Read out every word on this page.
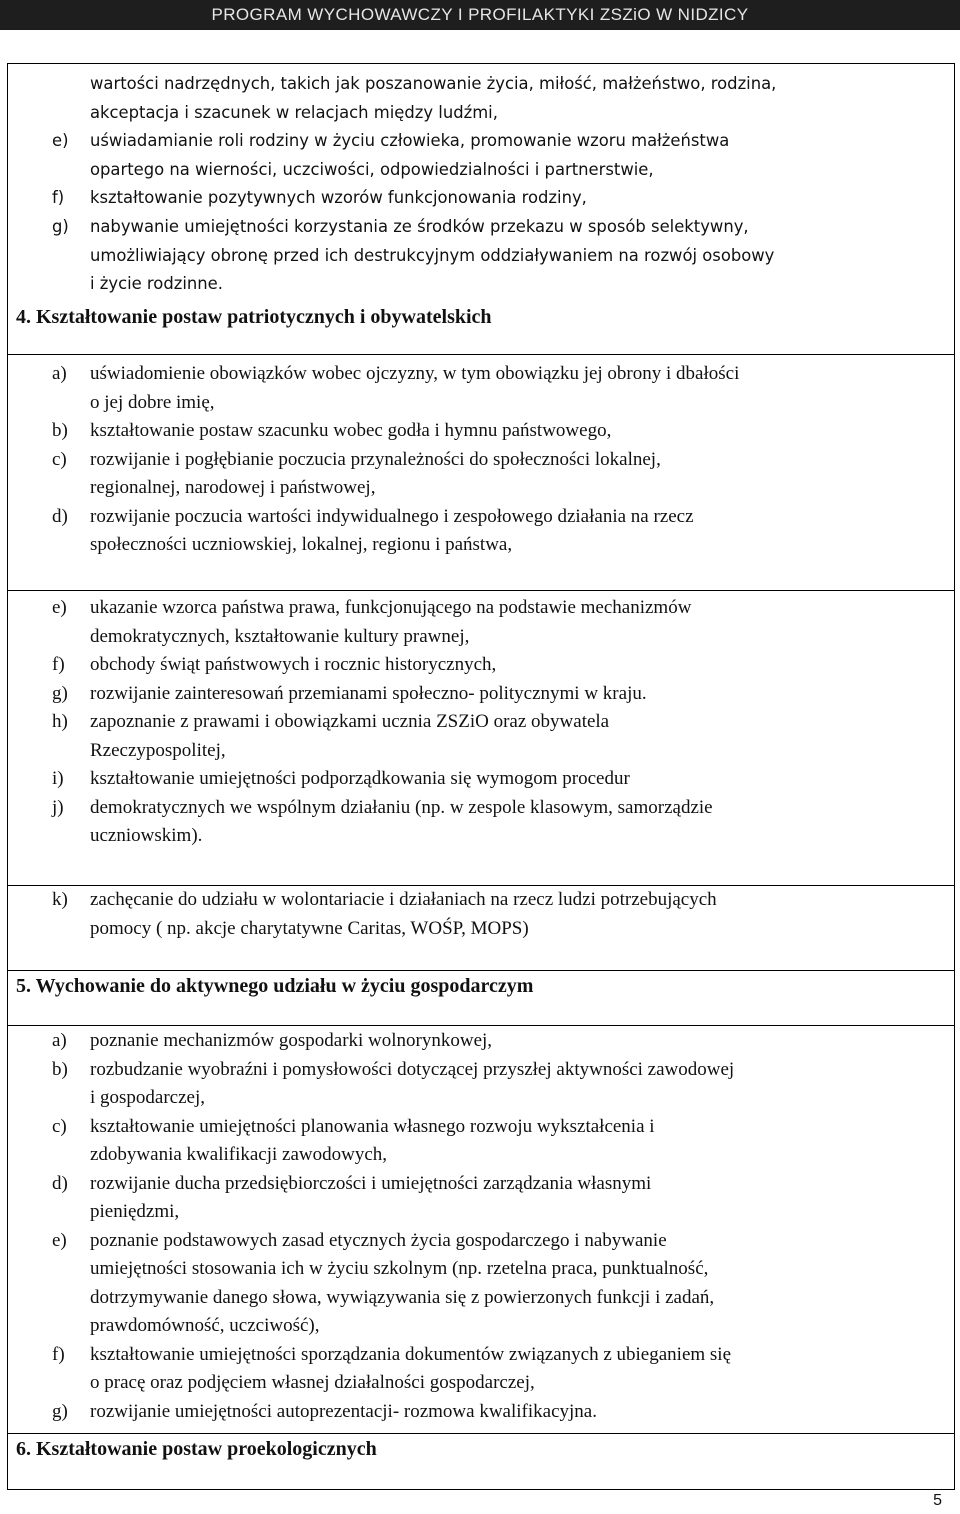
PROGRAM WYCHOWAWCZY I PROFILAKTYKI ZSZiO W NIDZICY
wartości nadrzędnych, takich jak poszanowanie życia, miłość, małżeństwo, rodzina,
akceptacja i szacunek w relacjach między ludźmi,
e) uświadamianie roli rodziny w życiu człowieka, promowanie wzoru małżeństwa
opartego na wierności, uczciwości, odpowiedzialności i partnerstwie,
f) kształtowanie pozytywnych wzorów funkcjonowania rodziny,
g) nabywanie umiejętności korzystania ze środków przekazu w sposób selektywny,
umożliwiający obronę przed ich destrukcyjnym oddziaływaniem na rozwój osobowy
i życie rodzinne.
4. Kształtowanie postaw patriotycznych i obywatelskich
a) uświadomienie obowiązków wobec ojczyzny, w tym obowiązku jej obrony i dbałości
o jej dobre imię,
b) kształtowanie postaw szacunku wobec godła i hymnu państwowego,
c) rozwijanie i pogłębianie poczucia przynależności do społeczności lokalnej,
regionalnej, narodowej i państwowej,
d) rozwijanie poczucia wartości indywidualnego i zespołowego działania na rzecz
społeczności uczniowskiej, lokalnej, regionu i państwa,
e) ukazanie wzorca państwa prawa, funkcjonującego na podstawie mechanizmów
demokratycznych, kształtowanie kultury prawnej,
f) obchody świąt państwowych i rocznic historycznych,
g) rozwijanie zainteresowań przemianami społeczno- politycznymi w kraju.
h) zapoznanie z prawami i obowiązkami ucznia ZSZiO oraz obywatela
Rzeczypospolitej,
i) kształtowanie umiejętności podporządkowania się wymogom procedur
j) demokratycznych we wspólnym działaniu (np. w zespole klasowym, samorządzie
uczniowskim).
k) zachęcanie do udziału w wolontariacie i działaniach na rzecz ludzi potrzebujących
pomocy ( np. akcje charytatywne Caritas, WOŚP, MOPS)
5. Wychowanie do aktywnego udziału w życiu gospodarczym
a) poznanie mechanizmów gospodarki wolnorynkowej,
b) rozbudzanie wyobraźni i pomysłowości dotyczącej przyszłej aktywności zawodowej
i gospodarczej,
c) kształtowanie umiejętności planowania własnego rozwoju wykształcenia i
zdobywania kwalifikacji zawodowych,
d) rozwijanie ducha przedsiębiorczości i umiejętności zarządzania własnymi
pieniędzmi,
e) poznanie podstawowych zasad etycznych życia gospodarczego i nabywanie
umiejętności stosowania ich w życiu szkolnym (np. rzetelna praca, punktualność,
dotrzymywanie danego słowa, wywiązywania się z powierzonych funkcji i zadań,
prawdomówność, uczciwość),
f) kształtowanie umiejętności sporządzania dokumentów związanych z ubieganiem się
o pracę oraz podjęciem własnej działalności gospodarczej,
g) rozwijanie umiejętności autoprezentacji- rozmowa kwalifikacyjna.
6. Kształtowanie postaw proekologicznych
5
